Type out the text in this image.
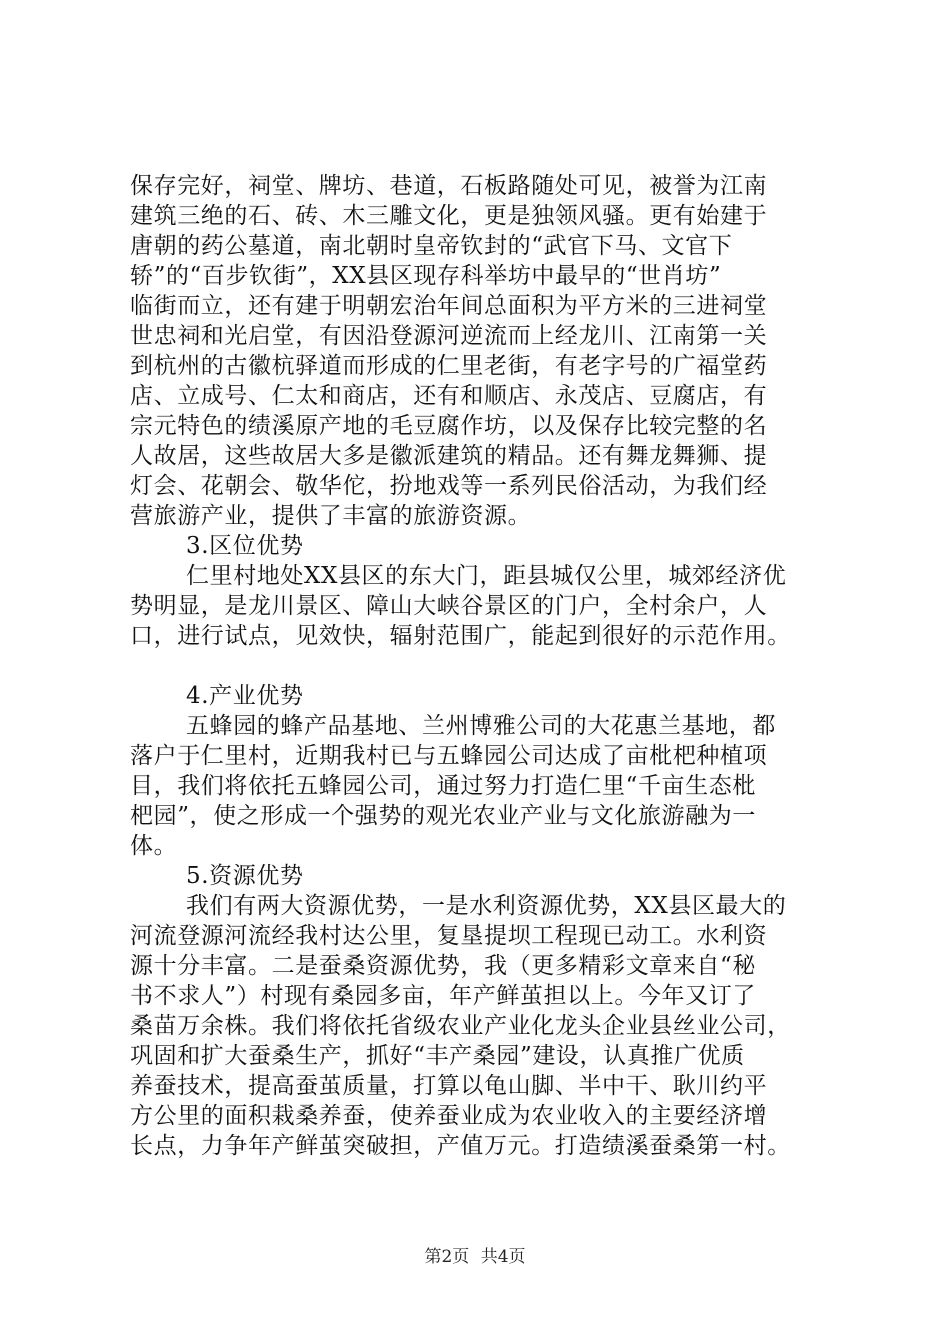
保存完好，祠堂、牌坊、巷道，石板路随处可见，被誉为江南
建筑三绝的石、砖、木三雕文化，更是独领风骚。更有始建于
唐朝的药公墓道，南北朝时皇帝钦封的“武官下马、文官下
轿”的“百步钦街”，XX县区现存科举坊中最早的“世肖坊”
临街而立，还有建于明朝宏治年间总面积为平方米的三进祠堂
世忠祠和光启堂，有因沿登源河逆流而上经龙川、江南第一关
到杭州的古徽杭驿道而形成的仁里老街，有老字号的广福堂药
店、立成号、仁太和商店，还有和顺店、永茂店、豆腐店，有
宗元特色的绩溪原产地的毛豆腐作坊，以及保存比较完整的名
人故居，这些故居大多是徽派建筑的精品。还有舞龙舞狮、提
灯会、花朝会、敬华佗，扮地戏等一系列民俗活动，为我们经
营旅游产业，提供了丰富的旅游资源。
3.区位优势
仁里村地处XX县区的东大门，距县城仅公里，城郊经济优
势明显，是龙川景区、障山大峡谷景区的门户，全村余户，人
口，进行试点，见效快，辐射范围广，能起到很好的示范作用。
4.产业优势
五蜂园的蜂产品基地、兰州博雅公司的大花惠兰基地，都
落户于仁里村，近期我村已与五蜂园公司达成了亩枇杷种植项
目，我们将依托五蜂园公司，通过努力打造仁里“千亩生态枇
杷园”，使之形成一个强势的观光农业产业与文化旅游融为一
体。
5.资源优势
我们有两大资源优势，一是水利资源优势，XX县区最大的
河流登源河流经我村达公里，复垦提坝工程现已动工。水利资
源十分丰富。二是蚕桑资源优势，我（更多精彩文章来自“秘
书不求人”）村现有桑园多亩，年产鲜茧担以上。今年又订了
桑苗万余株。我们将依托省级农业产业化龙头企业县丝业公司，
巩固和扩大蚕桑生产，抓好“丰产桑园”建设，认真推广优质
养蚕技术，提高蚕茧质量，打算以龟山脚、半中干、耿川约平
方公里的面积栽桑养蚕，使养蚕业成为农业收入的主要经济增
长点，力争年产鲜茧突破担，产值万元。打造绩溪蚕桑第一村。
第2页 共4页
